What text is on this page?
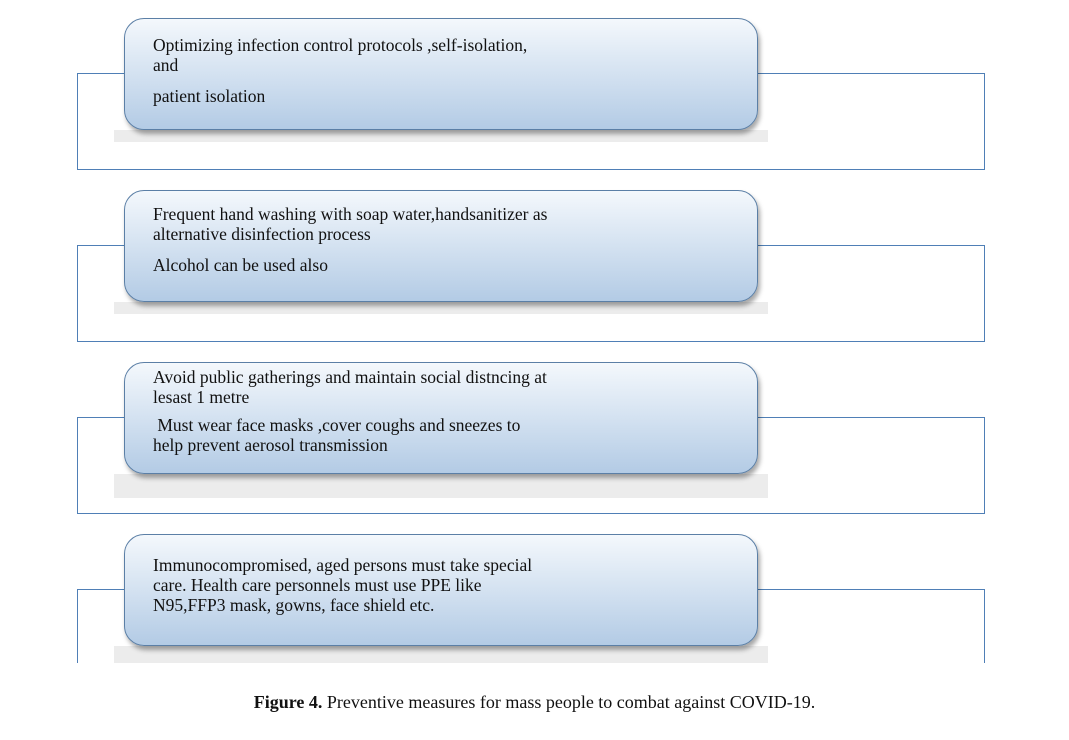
Optimizing infection control protocols ,self-isolation,

and

patient isolation

Frequent hand washing with soap water,handsanitizer as

alternative disinfection process

Alcohol can be used also

Avoid public gatherings and maintain social distncing at

lesast 1 metre

Must wear face masks ,cover coughs and sneezes to

help prevent aerosol transmission

Immunocompromised, aged persons must take special

care. Health care personnels must use PPE like

N95,FFP3 mask, gowns, face shield etc.

Figure 4. Preventive measures for mass people to combat against COVID-19.
